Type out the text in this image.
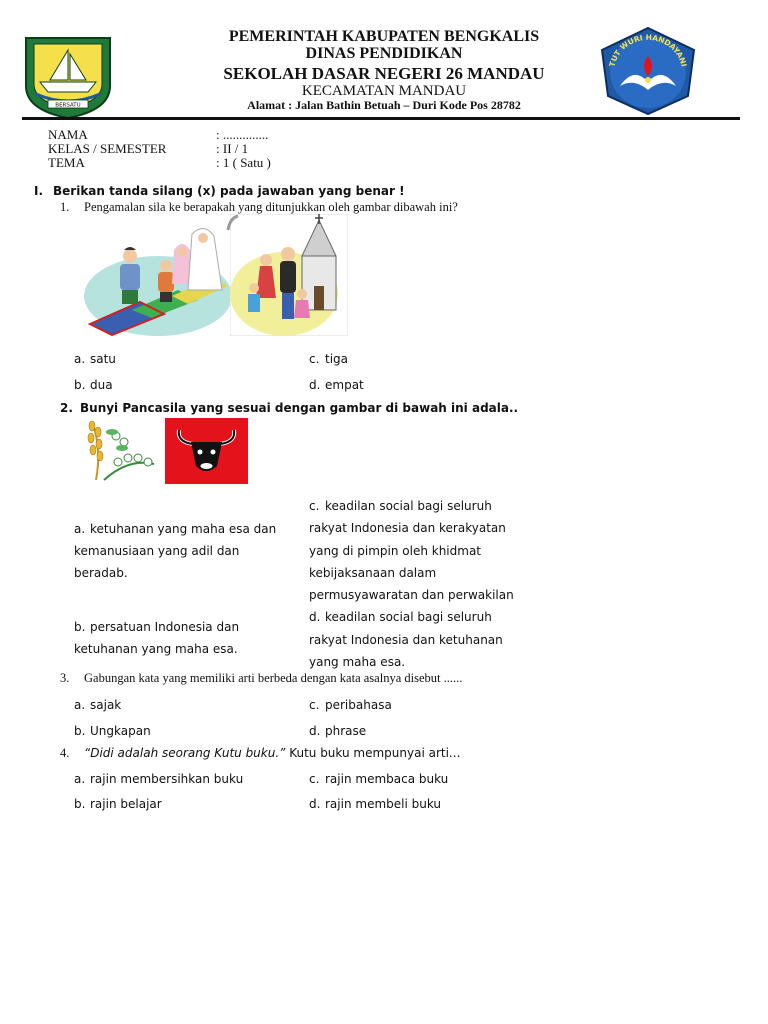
BERSATU
TUT WURI HANDAYANI
PEMERINTAH KABUPATEN BENGKALIS
DINAS PENDIDIKAN
SEKOLAH DASAR NEGERI 26 MANDAU
KECAMATAN MANDAU
Alamat : Jalan Bathin Betuah – Duri Kode Pos 28782
NAMA	: ..............
KELAS / SEMESTER	: II / 1
TEMA	: 1 ( Satu )
I. Berikan tanda silang (x) pada jawaban yang benar !
1. Pengamalan sila ke berapakah yang ditunjukkan oleh gambar dibawah ini?
a. satu	c. tiga
b. dua	d. empat
2. Bunyi Pancasila yang sesuai dengan gambar di bawah ini adala..
a. ketuhanan yang maha esa dan
kemanusiaan yang adil dan
beradab.
b. persatuan Indonesia dan
ketuhanan yang maha esa.
c. keadilan social bagi seluruh
rakyat Indonesia dan kerakyatan
yang di pimpin oleh khidmat
kebijaksanaan dalam
permusyawaratan dan perwakilan
d. keadilan social bagi seluruh
rakyat Indonesia dan ketuhanan
yang maha esa.
3. Gabungan kata yang memiliki arti berbeda dengan kata asalnya disebut ......
a. sajak	c. peribahasa
b. Ungkapan	d. phrase
4. “Didi adalah seorang Kutu buku.” Kutu buku mempunyai arti...
a. rajin membersihkan buku	c. rajin membaca buku
b. rajin belajar	d. rajin membeli buku
